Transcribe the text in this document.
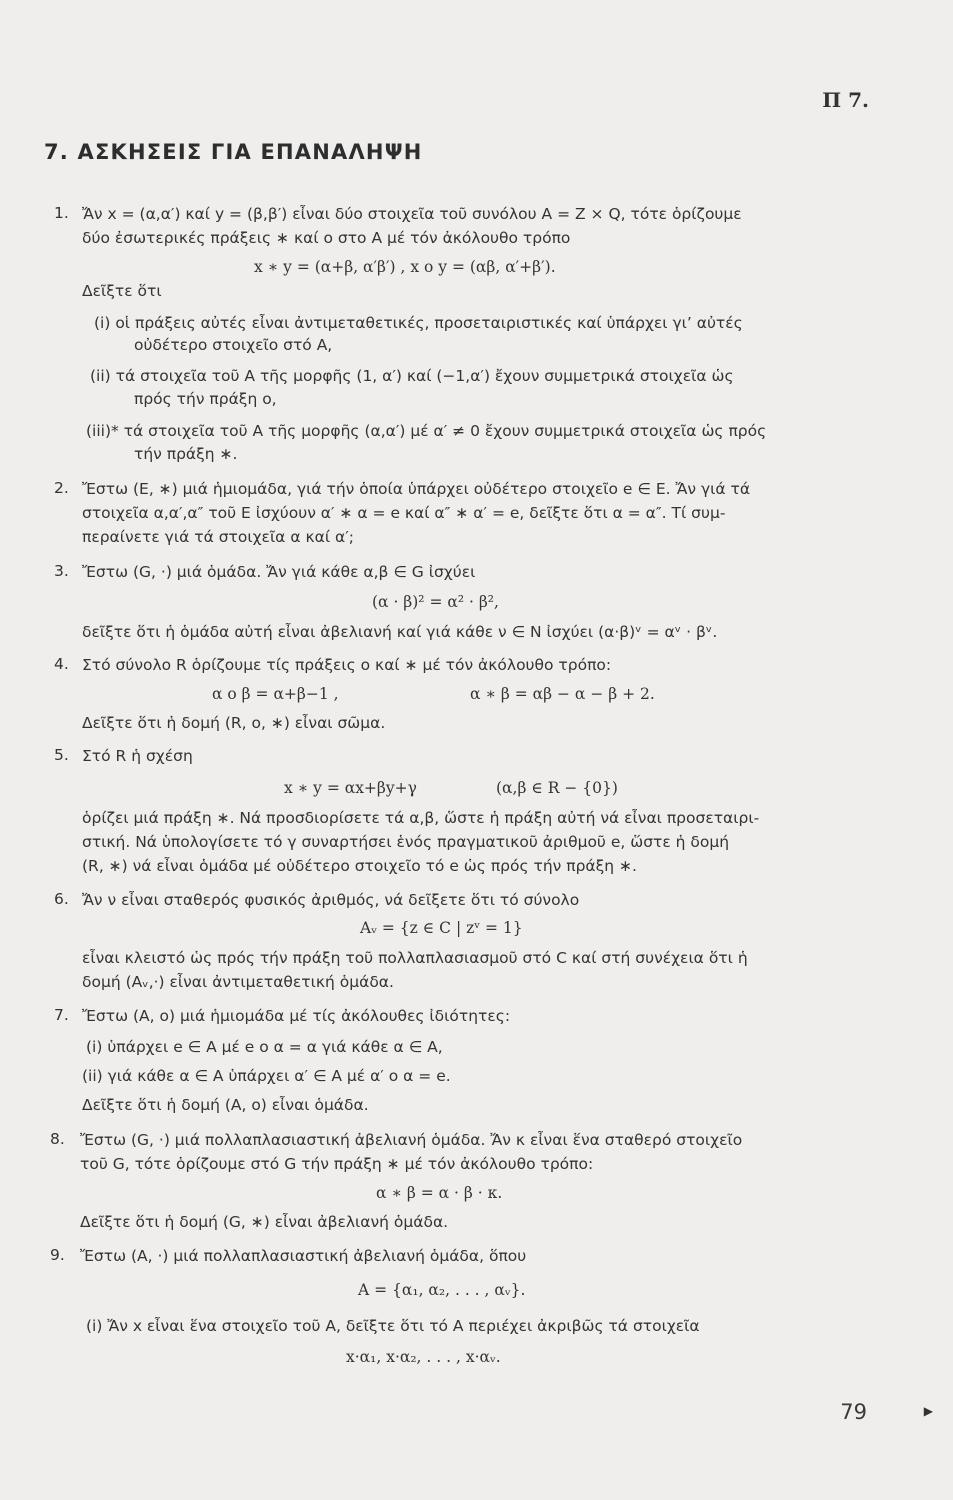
Π 7.
7. ΑΣΚΗΣΕΙΣ ΓΙΑ ΕΠΑΝΑΛΗΨΗ
1. Ἄν x = (α,α′) καί y = (β,β′) εἶναι δύο στοιχεῖα τοῦ συνόλου A = Z × Q, τότε ὁρίζουμε
δύο ἐσωτερικές πράξεις ∗ καί ο στο A μέ τόν ἀκόλουθο τρόπο
x ∗ y = (α+β, α′β′) , x ο y = (αβ, α′+β′).
Δεῖξτε ὅτι
(i) οἱ πράξεις αὐτές εἶναι ἀντιμεταθετικές, προσεταιριστικές καί ὑπάρχει γι’ αὐτές
οὐδέτερο στοιχεῖο στό A,
(ii) τά στοιχεῖα τοῦ A τῆς μορφῆς (1, α′) καί (−1,α′) ἔχουν συμμετρικά στοιχεῖα ὡς
πρός τήν πράξη ο,
(iii)* τά στοιχεῖα τοῦ A τῆς μορφῆς (α,α′) μέ α′ ≠ 0 ἔχουν συμμετρικά στοιχεῖα ὡς πρός
τήν πράξη ∗.
2. Ἔστω (E, ∗) μιά ἡμιομάδα, γιά τήν ὁποία ὑπάρχει οὐδέτερο στοιχεῖο e ∈ E. Ἄν γιά τά
στοιχεῖα α,α′,α″ τοῦ E ἰσχύουν α′ ∗ α = e καί α″ ∗ α′ = e, δεῖξτε ὅτι α = α″. Τί συμ-
περαίνετε γιά τά στοιχεῖα α καί α′;
3. Ἔστω (G, ·) μιά ὁμάδα. Ἄν γιά κάθε α,β ∈ G ἰσχύει
(α · β)² = α² · β²,
δεῖξτε ὅτι ἡ ὁμάδα αὐτή εἶναι ἀβελιανή καί γιά κάθε ν ∈ N ἰσχύει (α·β)ᵛ = αᵛ · βᵛ.
4. Στό σύνολο R ὁρίζουμε τίς πράξεις ο καί ∗ μέ τόν ἀκόλουθο τρόπο:
α ο β = α+β−1 ,	α ∗ β = αβ − α − β + 2.
Δεῖξτε ὅτι ἡ δομή (R, ο, ∗) εἶναι σῶμα.
5. Στό R ἡ σχέση
x ∗ y = αx+βy+γ	(α,β ∈ R − {0})
ὁρίζει μιά πράξη ∗. Νά προσδιορίσετε τά α,β, ὥστε ἡ πράξη αὐτή νά εἶναι προσεταιρι-
στική. Νά ὑπολογίσετε τό γ συναρτήσει ἑνός πραγματικοῦ ἀριθμοῦ e, ὥστε ἡ δομή
(R, ∗) νά εἶναι ὁμάδα μέ οὐδέτερο στοιχεῖο τό e ὡς πρός τήν πράξη ∗.
6. Ἄν ν εἶναι σταθερός φυσικός ἀριθμός, νά δεῖξετε ὅτι τό σύνολο
Aᵥ = {z ∈ C | zᵛ = 1}
εἶναι κλειστό ὡς πρός τήν πράξη τοῦ πολλαπλασιασμοῦ στό C καί στή συνέχεια ὅτι ἡ
δομή (Aᵥ,·) εἶναι ἀντιμεταθετική ὁμάδα.
7. Ἔστω (A, ο) μιά ἡμιομάδα μέ τίς ἀκόλουθες ἰδιότητες:
(i) ὑπάρχει e ∈ A μέ e ο α = α γιά κάθε α ∈ A,
(ii) γιά κάθε α ∈ A ὑπάρχει α′ ∈ A μέ α′ ο α = e.
Δεῖξτε ὅτι ἡ δομή (A, ο) εἶναι ὁμάδα.
8. Ἔστω (G, ·) μιά πολλαπλασιαστική ἀβελιανή ὁμάδα. Ἄν κ εἶναι ἕνα σταθερό στοιχεῖο
τοῦ G, τότε ὁρίζουμε στό G τήν πράξη ∗ μέ τόν ἀκόλουθο τρόπο:
α ∗ β = α · β · κ.
Δεῖξτε ὅτι ἡ δομή (G, ∗) εἶναι ἀβελιανή ὁμάδα.
9. Ἔστω (A, ·) μιά πολλαπλασιαστική ἀβελιανή ὁμάδα, ὅπου
A = {α₁, α₂, . . . , αᵥ}.
(i) Ἄν x εἶναι ἕνα στοιχεῖο τοῦ A, δεῖξτε ὅτι τό A περιέχει ἀκριβῶς τά στοιχεῖα
x·α₁, x·α₂, . . . , x·αᵥ.
79	▶
